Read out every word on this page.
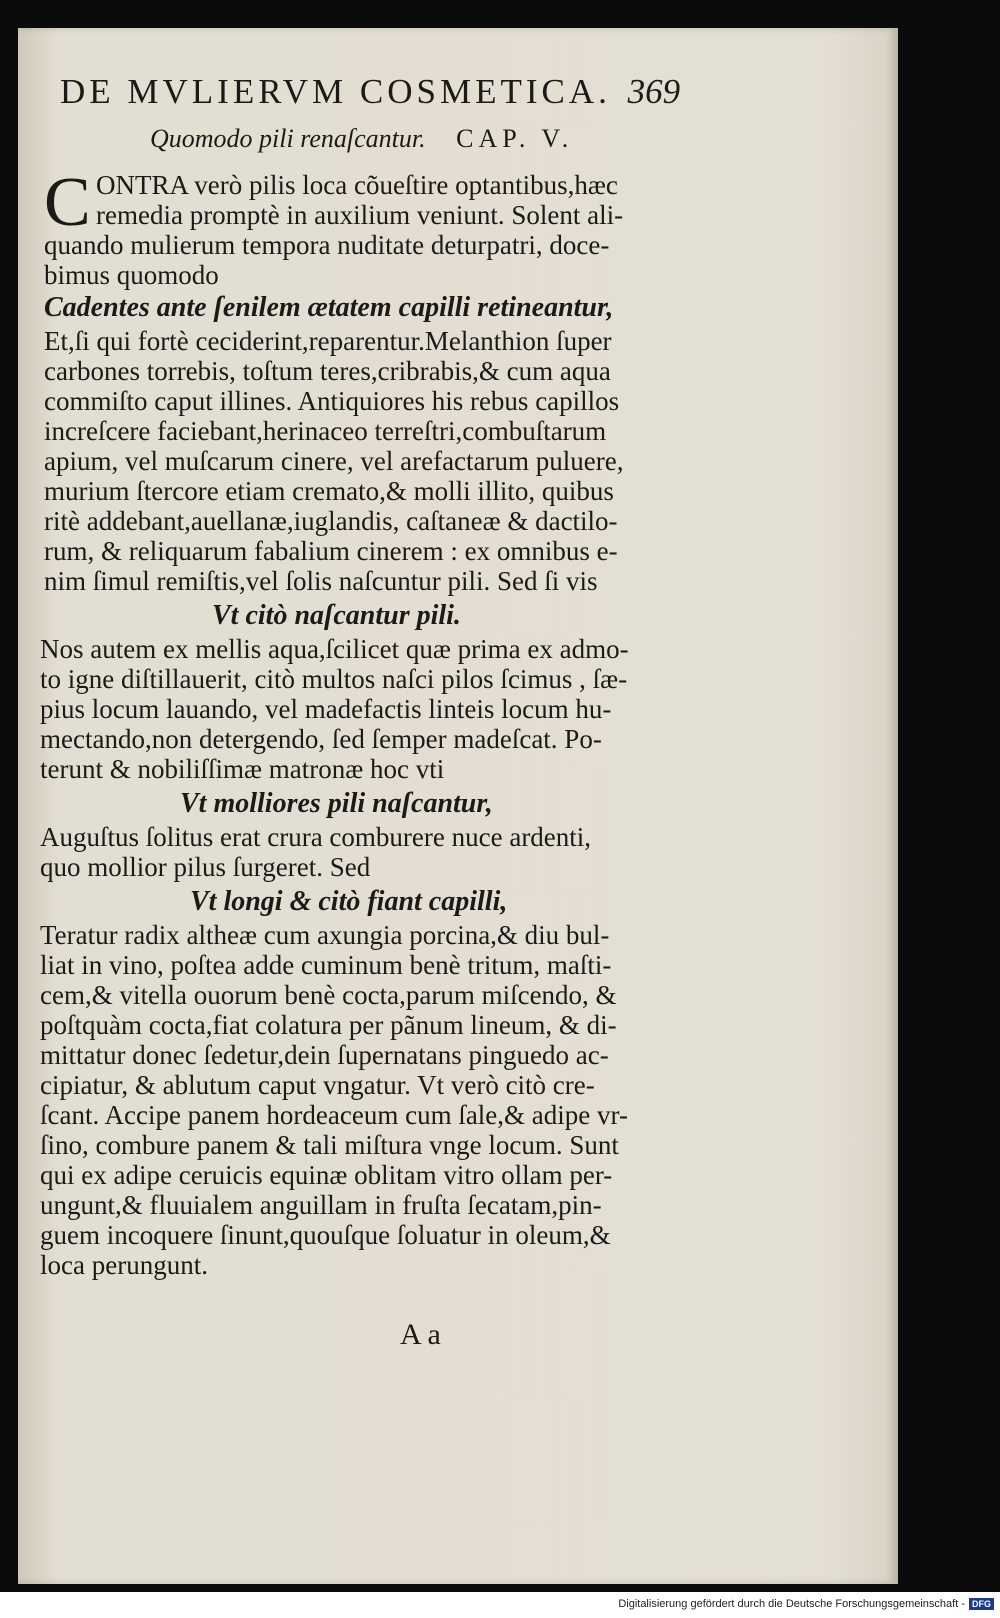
DE MVLIERVM COSMETICA. 369
Quomodo pili renaſcantur. CAP. V.
C ONTRA verò pilis loca cõueſtire optantibus,hæc
remedia promptè in auxilium veniunt. Solent ali-
quando mulierum tempora nuditate deturpatri, doce-
bimus quomodo
Cadentes ante ſenilem ætatem capilli retineantur,
Et,ſi qui fortè ceciderint,reparentur.Melanthion ſuper
carbones torrebis, toſtum teres,cribrabis,& cum aqua
commiſto caput illines. Antiquiores his rebus capillos
increſcere faciebant,herinaceo terreſtri,combuſtarum
apium, vel muſcarum cinere, vel arefactarum puluere,
murium ſtercore etiam cremato,& molli illito, quibus
ritè addebant,auellanæ,iuglandis, caſtaneæ & dactilo-
rum, & reliquarum fabalium cinerem : ex omnibus e-
nim ſimul remiſtis,vel ſolis naſcuntur pili. Sed ſi vis
Vt citò naſcantur pili.
Nos autem ex mellis aqua,ſcilicet quæ prima ex admo-
to igne diſtillauerit, citò multos naſci pilos ſcimus , ſæ-
pius locum lauando, vel madefactis linteis locum hu-
mectando,non detergendo, ſed ſemper madeſcat. Po-
terunt & nobiliſſimæ matronæ hoc vti
Vt molliores pili naſcantur,
Auguſtus ſolitus erat crura comburere nuce ardenti,
quo mollior pilus ſurgeret. Sed
Vt longi & citò fiant capilli,
Teratur radix altheæ cum axungia porcina,& diu bul-
liat in vino, poſtea adde cuminum benè tritum, maſti-
cem,& vitella ouorum benè cocta,parum miſcendo, &
poſtquàm cocta,fiat colatura per pãnum lineum, & di-
mittatur donec ſedetur,dein ſupernatans pinguedo ac-
cipiatur, & ablutum caput vngatur. Vt verò citò cre-
ſcant. Accipe panem hordeaceum cum ſale,& adipe vr-
ſino, combure panem & tali miſtura vnge locum. Sunt
qui ex adipe ceruicis equinæ oblitam vitro ollam per-
ungunt,& fluuialem anguillam in fruſta ſecatam,pin-
guem incoquere ſinunt,quouſque ſoluatur in oleum,&
loca perungunt.
A a
Digitalisierung gefördert durch die Deutsche Forschungsgemeinschaft - DFG
